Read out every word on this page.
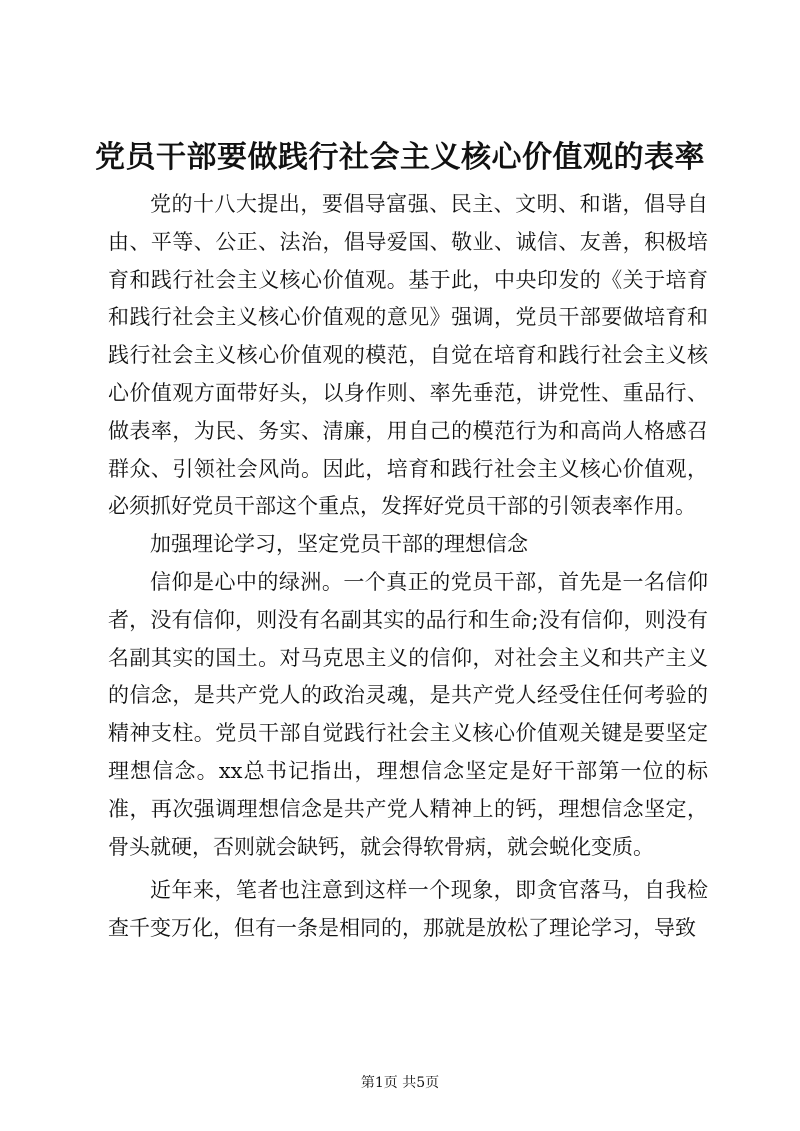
党员干部要做践行社会主义核心价值观的表率

党的十八大提出，要倡导富强、民主、文明、和谐，倡导自由、平等、公正、法治，倡导爱国、敬业、诚信、友善，积极培育和践行社会主义核心价值观。基于此，中央印发的《关于培育和践行社会主义核心价值观的意见》强调，党员干部要做培育和践行社会主义核心价值观的模范，自觉在培育和践行社会主义核心价值观方面带好头，以身作则、率先垂范，讲党性、重品行、做表率，为民、务实、清廉，用自己的模范行为和高尚人格感召群众、引领社会风尚。因此，培育和践行社会主义核心价值观，必须抓好党员干部这个重点，发挥好党员干部的引领表率作用。

加强理论学习，坚定党员干部的理想信念

信仰是心中的绿洲。一个真正的党员干部，首先是一名信仰者，没有信仰，则没有名副其实的品行和生命;没有信仰，则没有名副其实的国土。对马克思主义的信仰，对社会主义和共产主义的信念，是共产党人的政治灵魂，是共产党人经受住任何考验的精神支柱。党员干部自觉践行社会主义核心价值观关键是要坚定理想信念。xx总书记指出，理想信念坚定是好干部第一位的标准，再次强调理想信念是共产党人精神上的钙，理想信念坚定，骨头就硬，否则就会缺钙，就会得软骨病，就会蜕化变质。

近年来，笔者也注意到这样一个现象，即贪官落马，自我检查千变万化，但有一条是相同的，那就是放松了理论学习，导致

第1页 共5页
